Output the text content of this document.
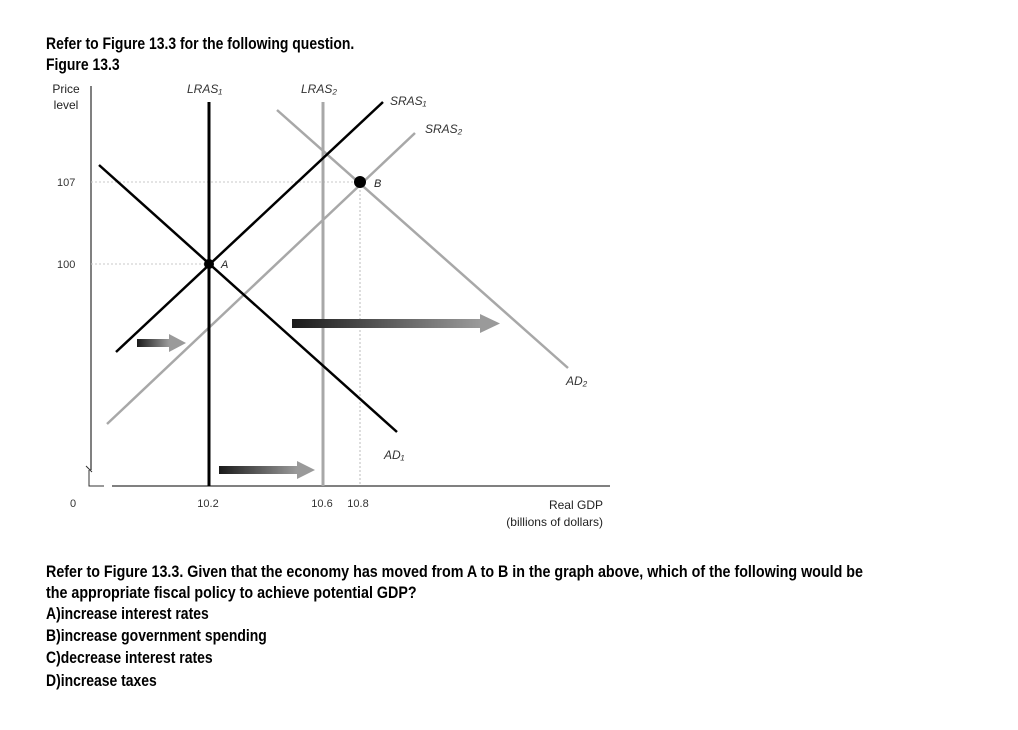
Refer to Figure 13.3 for the following question.
Figure 13.3
Price
level
A
B
LRAS₁	LRAS₂
SRAS₁
SRAS₂
AD₂
AD₁
107
100
0	10.2	10.6 10.8	Real GDP
(billions of dollars)
Refer to Figure 13.3. Given that the economy has moved from A to B in the graph above, which of the following would be
the appropriate fiscal policy to achieve potential GDP?
A)increase interest rates
B)increase government spending
C)decrease interest rates
D)increase taxes
